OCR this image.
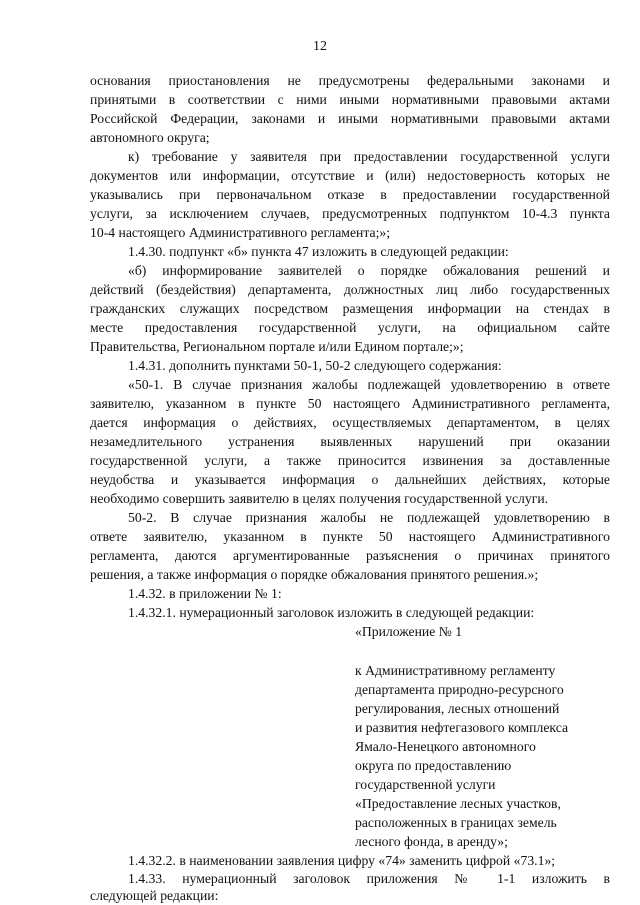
12
основания приостановления не предусмотрены федеральными законами и
принятыми в соответствии с ними иными нормативными правовыми актами
Российской Федерации, законами и иными нормативными правовыми актами
автономного округа;
к) требование у заявителя при предоставлении государственной услуги
документов или информации, отсутствие и (или) недостоверность которых не
указывались при первоначальном отказе в предоставлении государственной
услуги, за исключением случаев, предусмотренных подпунктом 10-4.3 пункта
10-4 настоящего Административного регламента;»;
1.4.30. подпункт «б» пункта 47 изложить в следующей редакции:
«б) информирование заявителей о порядке обжалования решений и
действий (бездействия) департамента, должностных лиц либо государственных
гражданских служащих посредством размещения информации на стендах в
месте предоставления государственной услуги, на официальном сайте
Правительства, Региональном портале и/или Едином портале;»;
1.4.31. дополнить пунктами 50-1, 50-2 следующего содержания:
«50-1. В случае признания жалобы подлежащей удовлетворению в ответе
заявителю, указанном в пункте 50 настоящего Административного регламента,
дается информация о действиях, осуществляемых департаментом, в целях
незамедлительного устранения выявленных нарушений при оказании
государственной услуги, а также приносится извинения за доставленные
неудобства и указывается информация о дальнейших действиях, которые
необходимо совершить заявителю в целях получения государственной услуги.
50-2. В случае признания жалобы не подлежащей удовлетворению в
ответе заявителю, указанном в пункте 50 настоящего Административного
регламента, даются аргументированные разъяснения о причинах принятого
решения, а также информация о порядке обжалования принятого решения.»;
1.4.32. в приложении № 1:
1.4.32.1. нумерационный заголовок изложить в следующей редакции:
«Приложение № 1
к Административному регламенту
департамента природно-ресурсного
регулирования, лесных отношений
и развития нефтегазового комплекса
Ямало-Ненецкого автономного
округа по предоставлению
государственной услуги
«Предоставление лесных участков,
расположенных в границах земель
лесного фонда, в аренду»;
1.4.32.2. в наименовании заявления цифру «74» заменить цифрой «73.1»;
1.4.33. нумерационный заголовок приложения № 1-1 изложить в
следующей редакции:
